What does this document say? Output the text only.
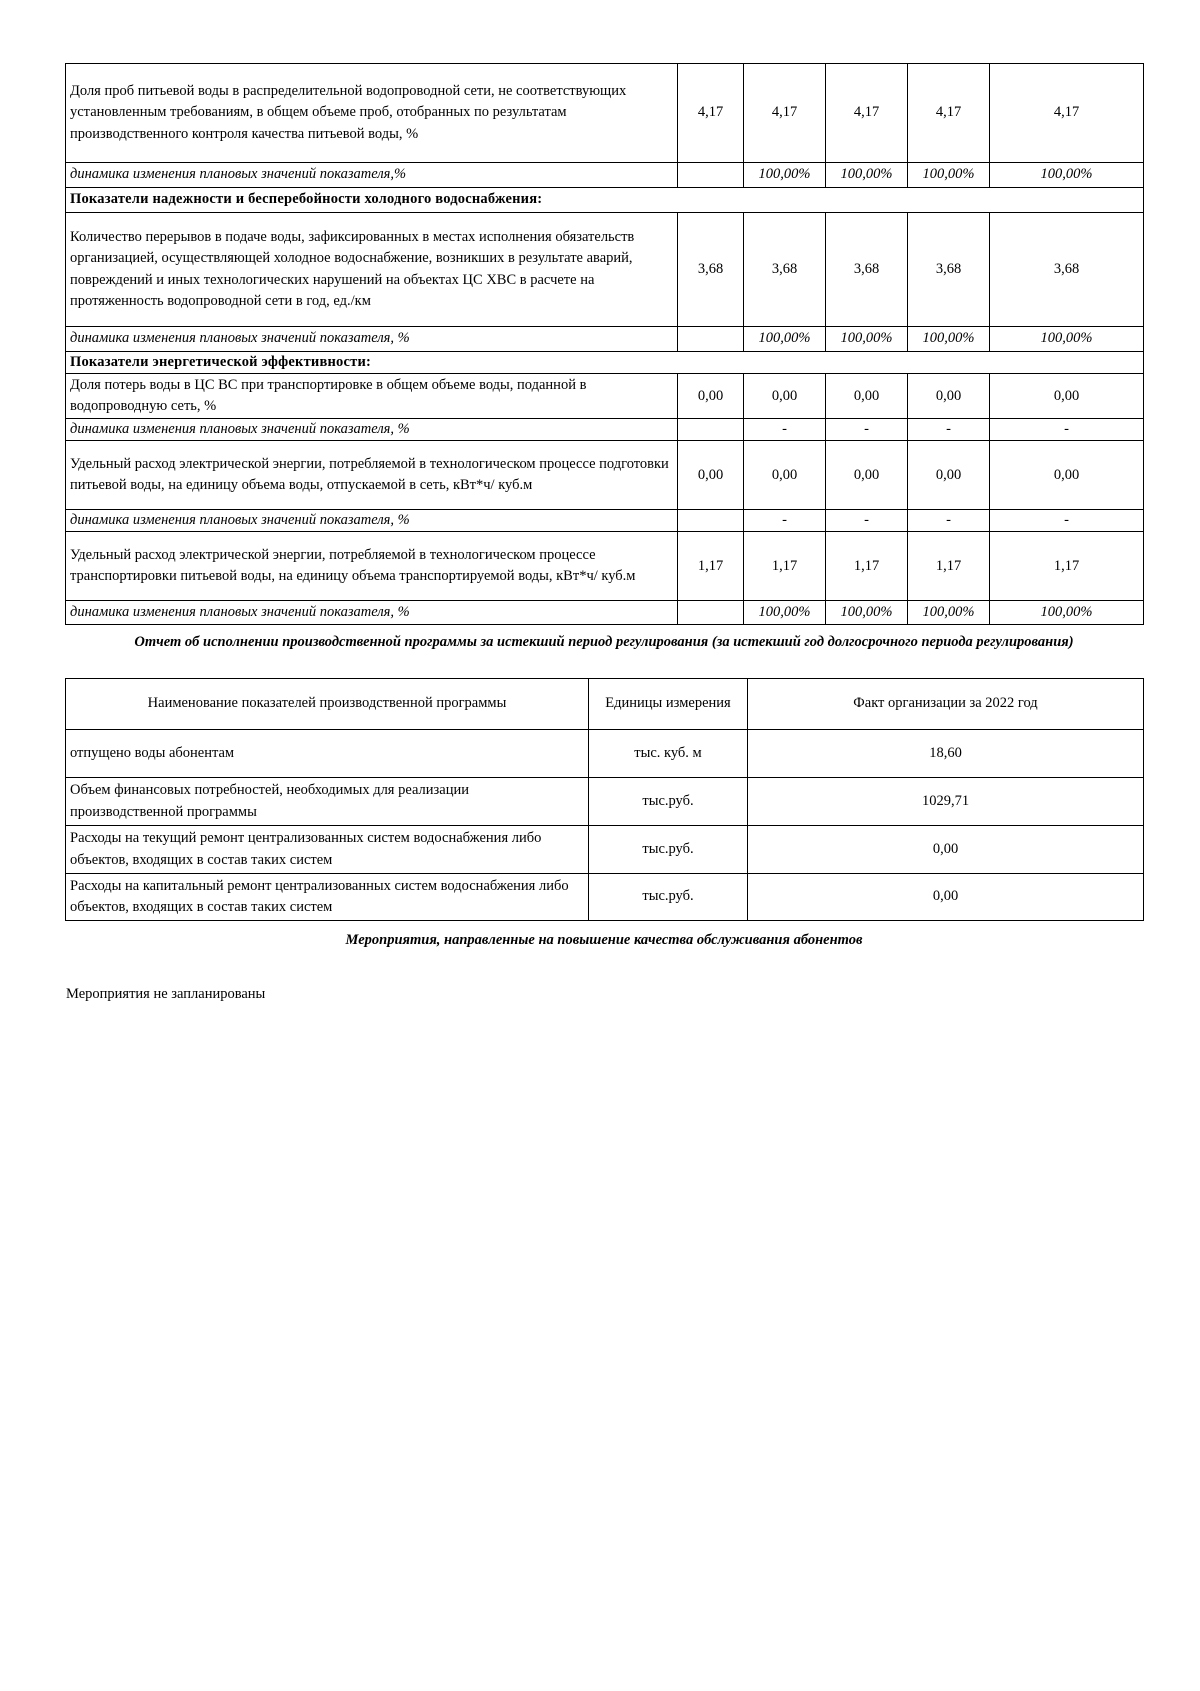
Доля проб питьевой воды в распределительной водопроводной сети, не соответствующих установленным требованиям, в общем объеме проб, отобранных по результатам производственного контроля качества питьевой воды, %	4,17	4,17	4,17	4,17	4,17
динамика изменения плановых значений показателя,%		100,00%	100,00%	100,00%	100,00%
Показатели надежности и бесперебойности холодного водоснабжения:					
Количество перерывов в подаче воды, зафиксированных в местах исполнения обязательств организацией, осуществляющей холодное водоснабжение, возникших в результате аварий, повреждений и иных технологических нарушений на объектах ЦС ХВС в расчете на протяженность водопроводной сети в год, ед./км	3,68	3,68	3,68	3,68	3,68
динамика изменения плановых значений показателя, %		100,00%	100,00%	100,00%	100,00%
Показатели энергетической эффективности:					
Доля потерь воды в ЦС ВС при транспортировке в общем объеме воды, поданной в водопроводную сеть, %	0,00	0,00	0,00	0,00	0,00
динамика изменения плановых значений показателя, %		-	-	-	-
Удельный расход электрической энергии, потребляемой в технологическом процессе подготовки питьевой воды, на единицу объема воды, отпускаемой в сеть, кВт*ч/ куб.м	0,00	0,00	0,00	0,00	0,00
динамика изменения плановых значений показателя, %		-	-	-	-
Удельный расход электрической энергии, потребляемой в технологическом процессе транспортировки питьевой воды, на единицу объема транспортируемой воды, кВт*ч/ куб.м	1,17	1,17	1,17	1,17	1,17
динамика изменения плановых значений показателя, %		100,00%	100,00%	100,00%	100,00%
Отчет об исполнении производственной программы за истекший период регулирования (за истекший год долгосрочного периода регулирования)
Наименование показателей производственной программы	Единицы измерения	Факт организации за 2022 год
отпущено воды абонентам	тыс. куб. м	18,60
Объем финансовых потребностей, необходимых для реализации производственной программы	тыс.руб.	1029,71
Расходы на текущий ремонт централизованных систем водоснабжения либо объектов, входящих в состав таких систем	тыс.руб.	0,00
Расходы на капитальный ремонт централизованных систем водоснабжения либо объектов, входящих в состав таких систем	тыс.руб.	0,00
Мероприятия, направленные на повышение качества обслуживания абонентов
Мероприятия не запланированы
